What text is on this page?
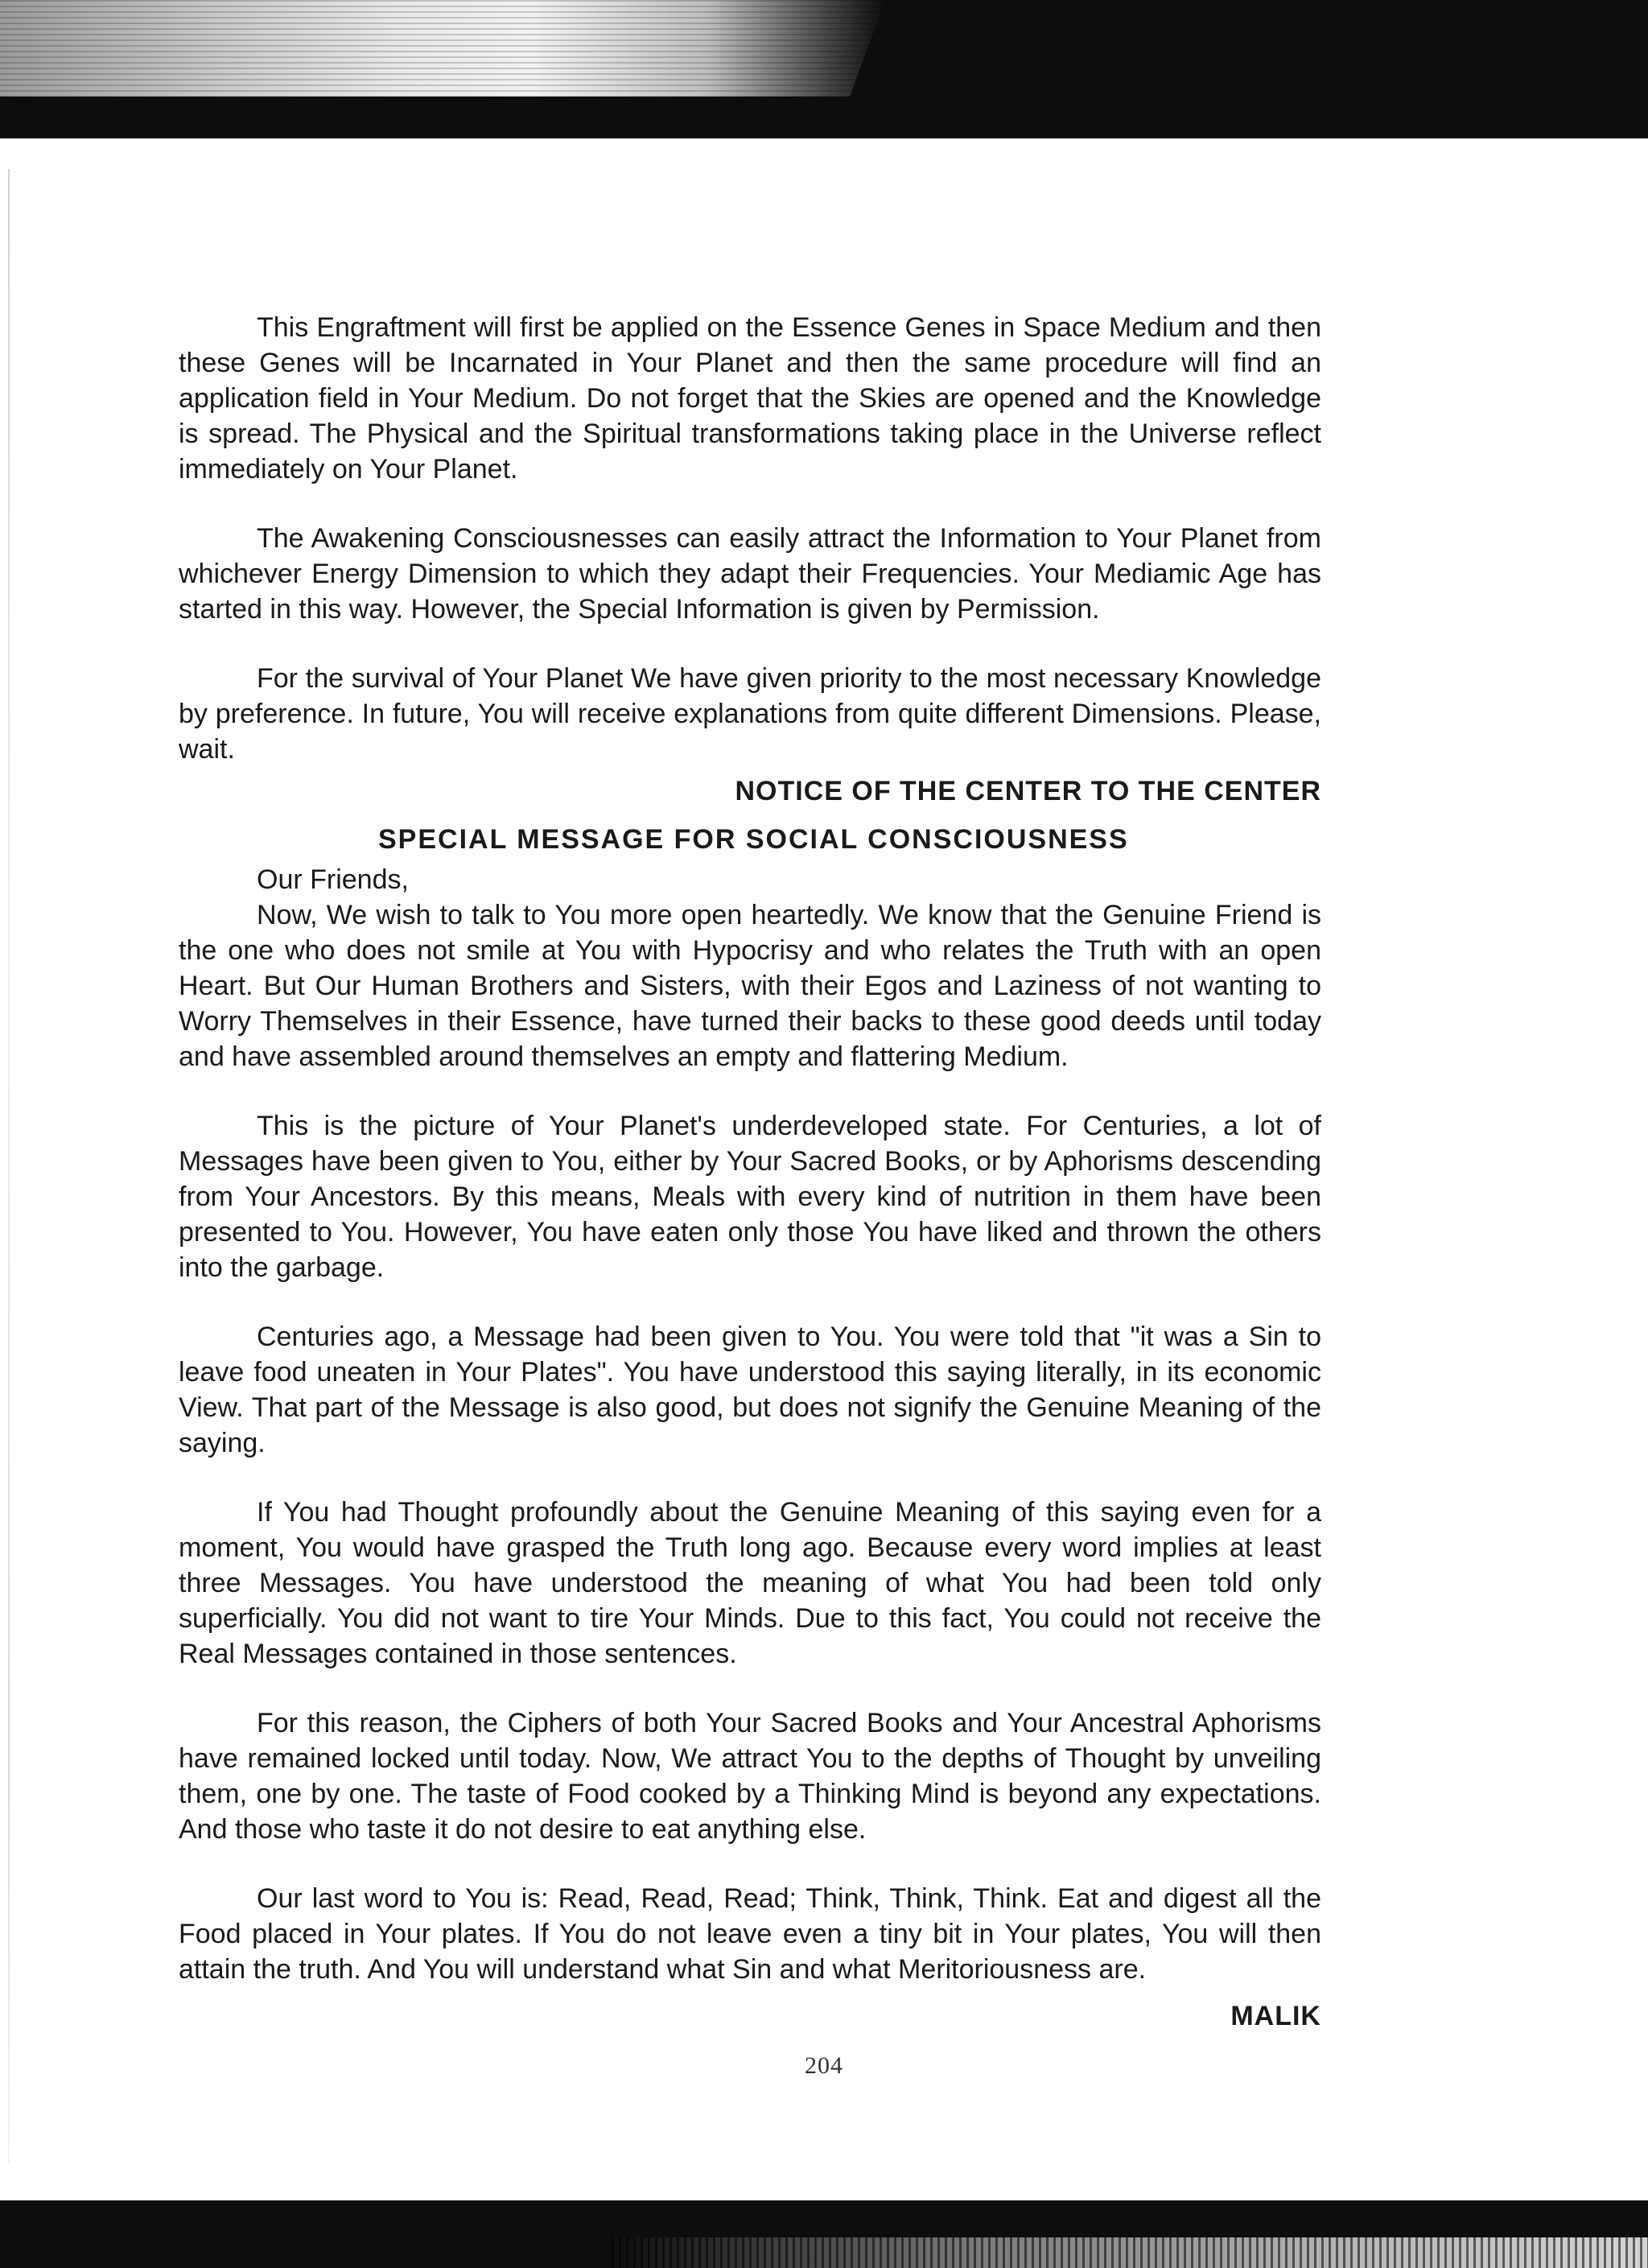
This Engraftment will first be applied on the Essence Genes in Space Medium and then these Genes will be Incarnated in Your Planet and then the same procedure will find an application field in Your Medium. Do not forget that the Skies are opened and the Knowledge is spread. The Physical and the Spiritual transformations taking place in the Universe reflect immediately on Your Planet.

The Awakening Consciousnesses can easily attract the Information to Your Planet from whichever Energy Dimension to which they adapt their Frequencies. Your Mediamic Age has started in this way. However, the Special Information is given by Permission.

For the survival of Your Planet We have given priority to the most necessary Knowledge by preference. In future, You will receive explanations from quite different Dimensions. Please, wait.

NOTICE OF THE CENTER TO THE CENTER

SPECIAL MESSAGE FOR SOCIAL CONSCIOUSNESS

Our Friends,

Now, We wish to talk to You more open heartedly. We know that the Genuine Friend is the one who does not smile at You with Hypocrisy and who relates the Truth with an open Heart. But Our Human Brothers and Sisters, with their Egos and Laziness of not wanting to Worry Themselves in their Essence, have turned their backs to these good deeds until today and have assembled around themselves an empty and flattering Medium.

This is the picture of Your Planet's underdeveloped state. For Centuries, a lot of Messages have been given to You, either by Your Sacred Books, or by Aphorisms descending from Your Ancestors. By this means, Meals with every kind of nutrition in them have been presented to You. However, You have eaten only those You have liked and thrown the others into the garbage.

Centuries ago, a Message had been given to You. You were told that "it was a Sin to leave food uneaten in Your Plates". You have understood this saying literally, in its economic View. That part of the Message is also good, but does not signify the Genuine Meaning of the saying.

If You had Thought profoundly about the Genuine Meaning of this saying even for a moment, You would have grasped the Truth long ago. Because every word implies at least three Messages. You have understood the meaning of what You had been told only superficially. You did not want to tire Your Minds. Due to this fact, You could not receive the Real Messages contained in those sentences.

For this reason, the Ciphers of both Your Sacred Books and Your Ancestral Aphorisms have remained locked until today. Now, We attract You to the depths of Thought by unveiling them, one by one. The taste of Food cooked by a Thinking Mind is beyond any expectations. And those who taste it do not desire to eat anything else.

Our last word to You is: Read, Read, Read; Think, Think, Think. Eat and digest all the Food placed in Your plates. If You do not leave even a tiny bit in Your plates, You will then attain the truth. And You will understand what Sin and what Meritoriousness are.

MALIK

204
